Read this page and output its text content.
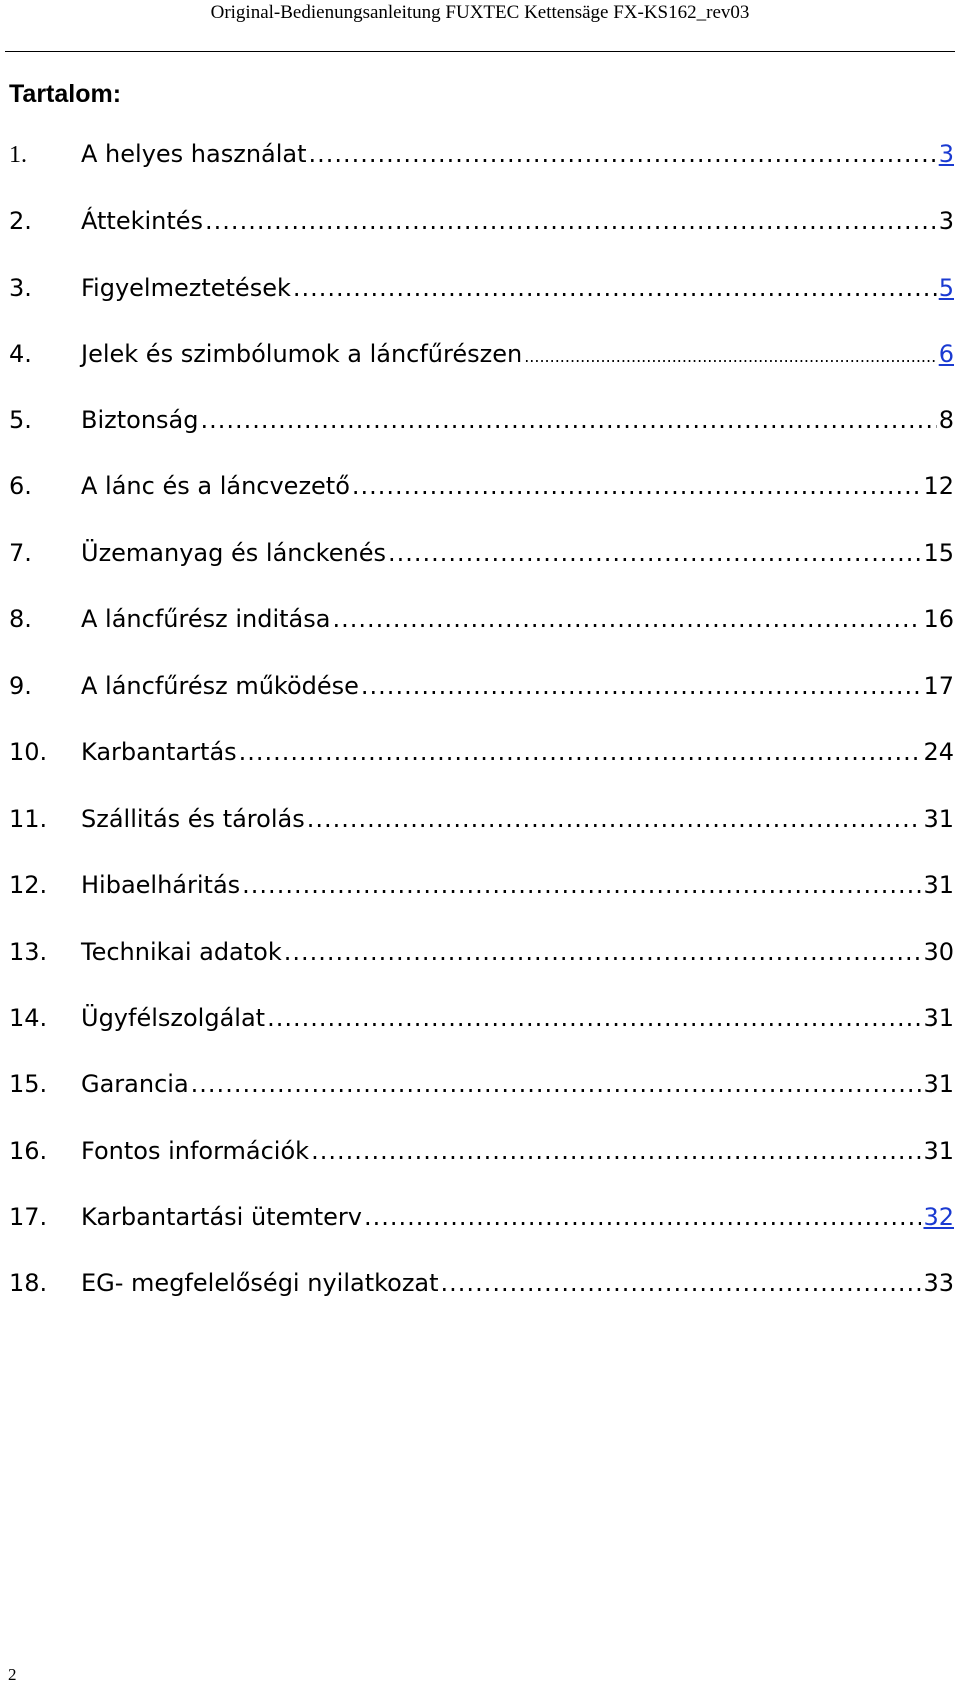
Original-Bedienungsanleitung FUXTEC Kettensäge FX-KS162_rev03
Tartalom:
1.	A helyes használat .....	3
2.	Áttekintés .....	3
3.	Figyelmeztetések .....	5
4.	Jelek és szimbólumok a láncfűrészen .....	6
5.	Biztonság .....	8
6.	A lánc és a láncvezető .....	12
7.	Üzemanyag és lánckenés .....	15
8.	A láncfűrész inditása .....	16
9.	A láncfűrész működése .....	17
10.	Karbantartás .....	24
11.	Szállitás és tárolás .....	31
12.	Hibaelháritás .....	31
13.	Technikai adatok .....	30
14.	Ügyfélszolgálat .....	31
15.	Garancia .....	31
16.	Fontos információk .....	31
17.	Karbantartási ütemterv .....	32
18.	EG- megfelelőségi nyilatkozat .....	33
2
